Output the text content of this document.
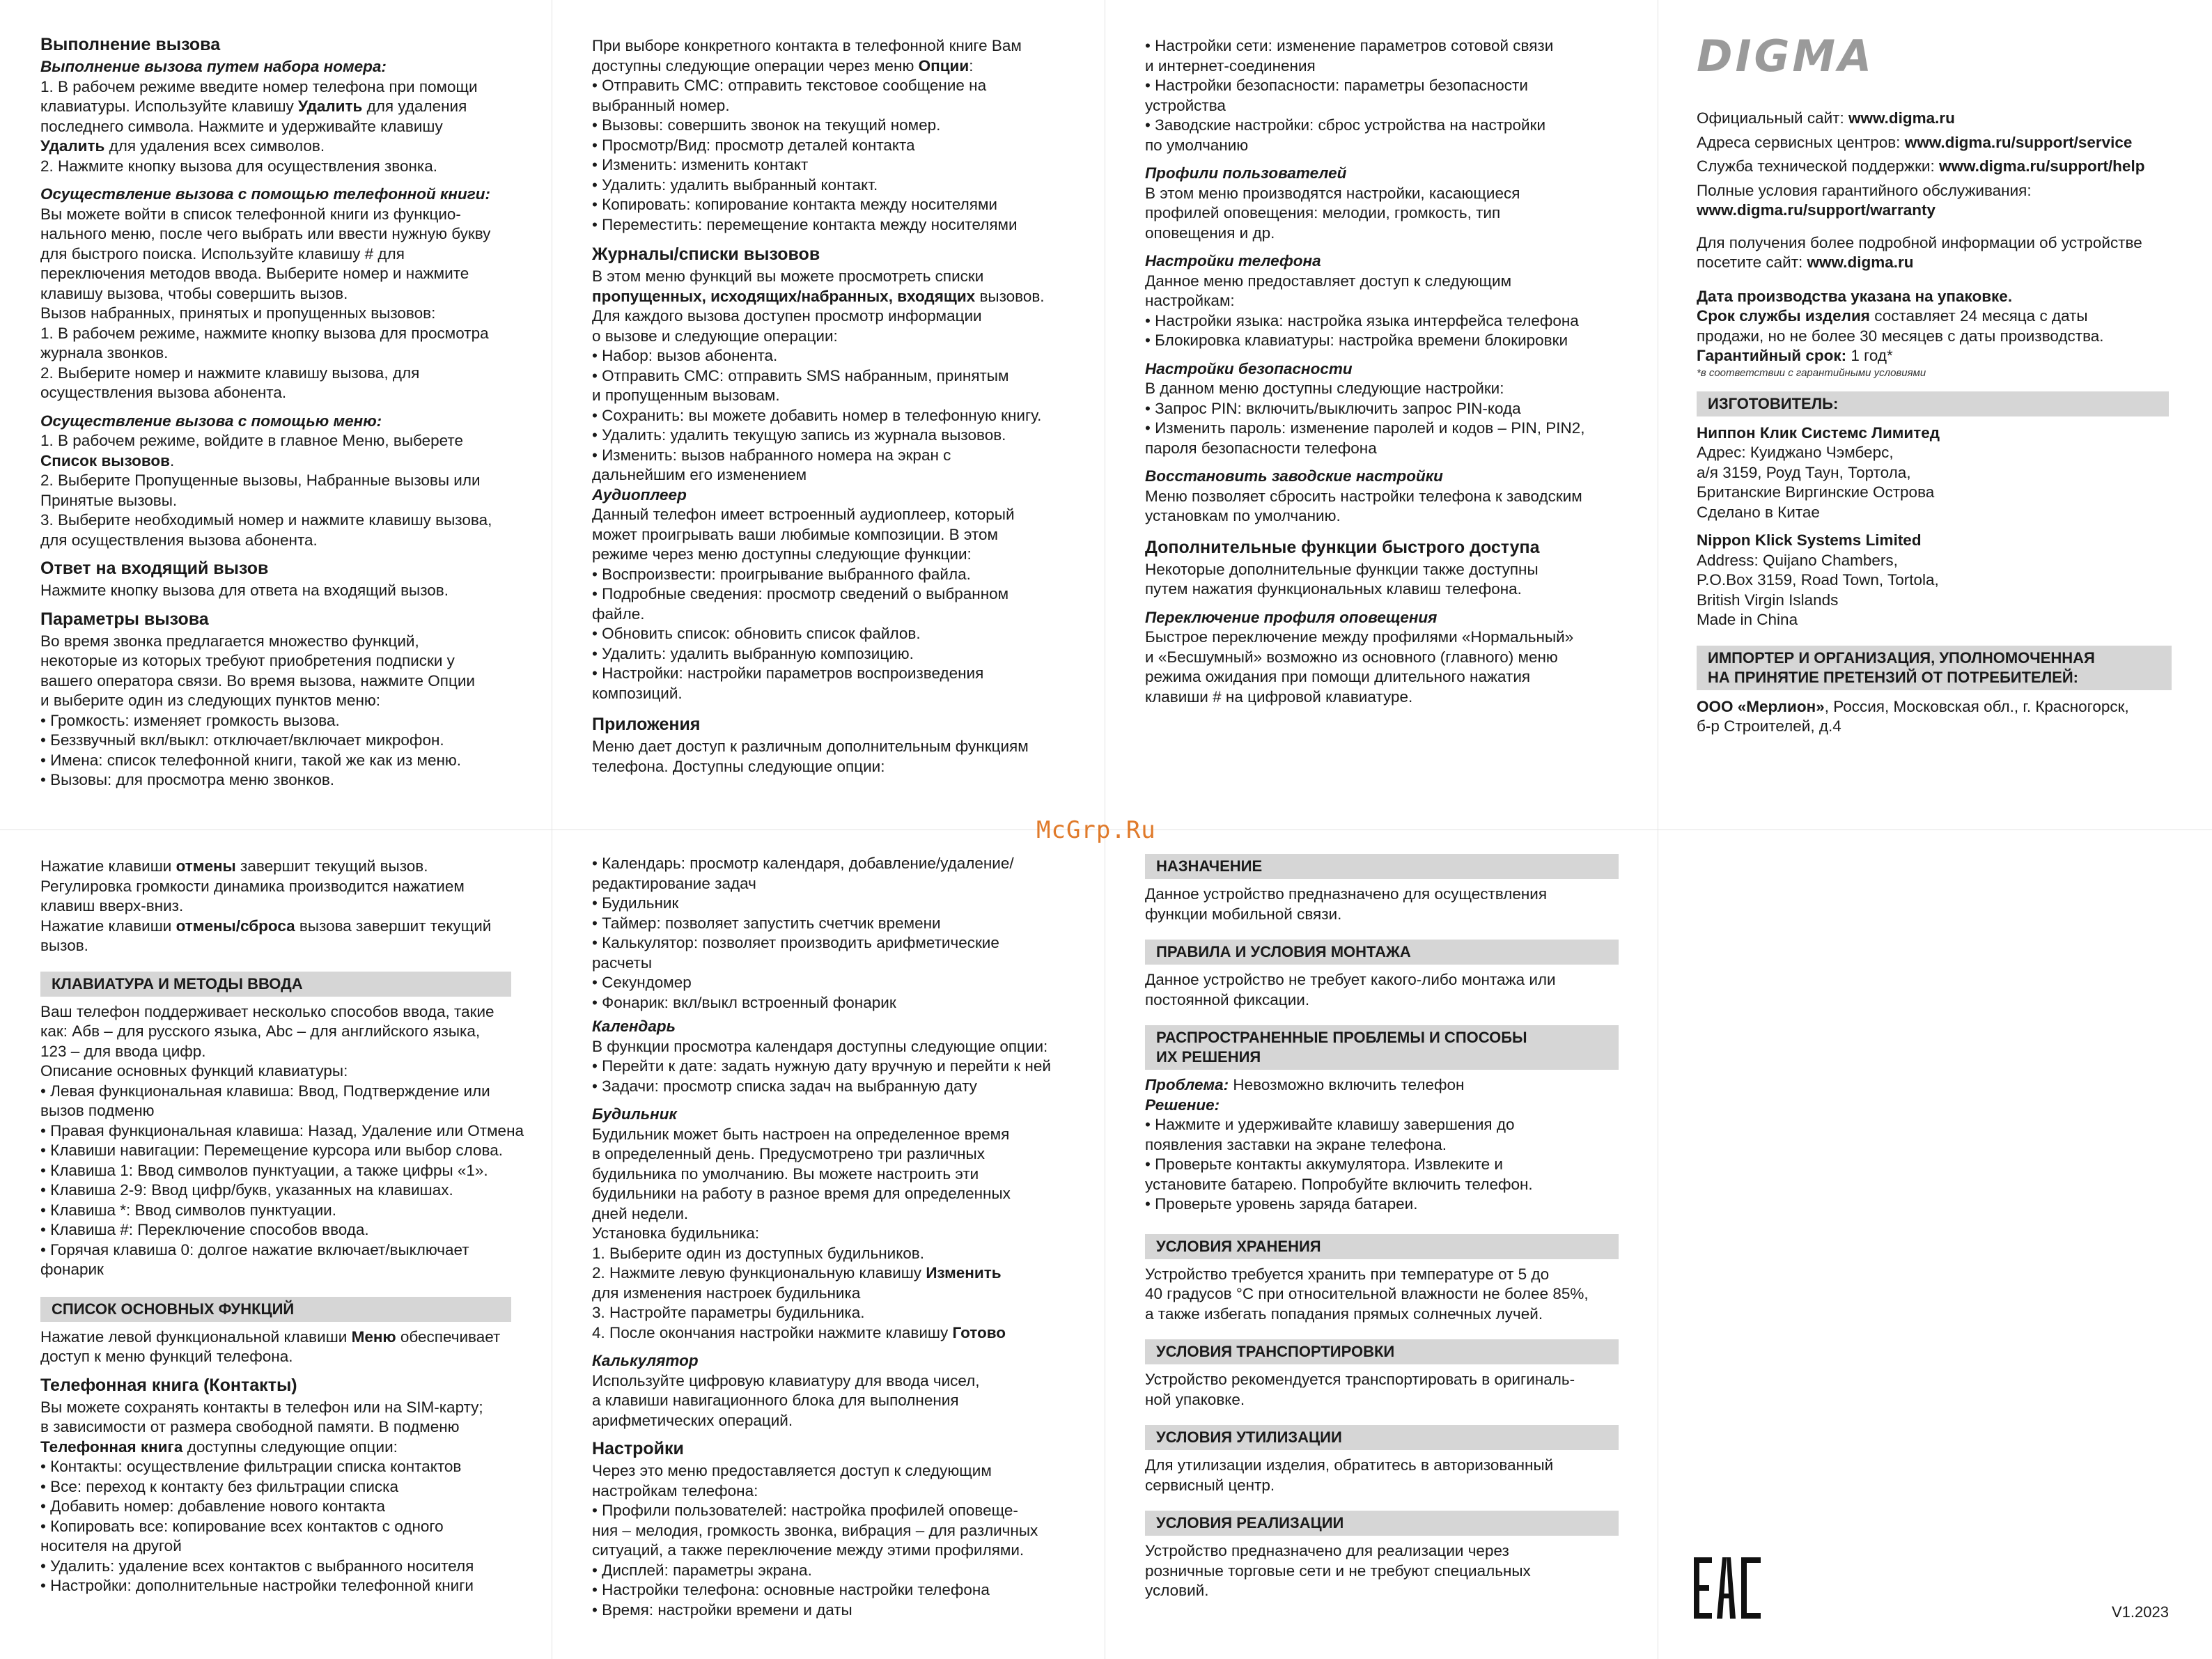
Выполнение вызова
Выполнение вызова путем набора номера:

1. В рабочем режиме введите номер телефона при помощи

клавиатуры. Используйте клавишу Удалить для удаления

последнего символа. Нажмите и удерживайте клавишу

Удалить для удаления всех символов.

2. Нажмите кнопку вызова для осуществления звонка.

Осуществление вызова с помощью телефонной книги:

Вы можете войти в список телефонной книги из функцио-

нального меню, после чего выбрать или ввести нужную букву

для быстрого поиска. Используйте клавишу # для

переключения методов ввода. Выберите номер и нажмите

клавишу вызова, чтобы совершить вызов.

Вызов набранных, принятых и пропущенных вызовов:

1. В рабочем режиме, нажмите кнопку вызова для просмотра

журнала звонков.

2. Выберите номер и нажмите клавишу вызова, для

осуществления вызова абонента.

Осуществление вызова с помощью меню:

1. В рабочем режиме, войдите в главное Меню, выберете

Список вызовов.

2. Выберите Пропущенные вызовы, Набранные вызовы или

Принятые вызовы.

3. Выберите необходимый номер и нажмите клавишу вызова,

для осуществления вызова абонента.

Ответ на входящий вызов

Нажмите кнопку вызова для ответа на входящий вызов.

Параметры вызова

Во время звонка предлагается множество функций,

некоторые из которых требуют приобретения подписки у

вашего оператора связи. Во время вызова, нажмите Опции

и выберите один из следующих пунктов меню:

• Громкость: изменяет громкость вызова.

• Беззвучный вкл/выкл: отключает/включает микрофон.

• Имена: список телефонной книги, такой же как из меню.

• Вызовы: для просмотра меню звонков.

При выборе конкретного контакта в телефонной книге Вам

доступны следующие операции через меню Опции:

• Отправить СМС: отправить текстовое сообщение на

выбранный номер.

• Вызовы: совершить звонок на текущий номер.

• Просмотр/Вид: просмотр деталей контакта

• Изменить: изменить контакт

• Удалить: удалить выбранный контакт.

• Копировать: копирование контакта между носителями

• Переместить: перемещение контакта между носителями

Журналы/списки вызовов

В этом меню функций вы можете просмотреть списки

пропущенных, исходящих/набранных, входящих вызовов.

Для каждого вызова доступен просмотр информации

о вызове и следующие операции:

• Набор: вызов абонента.

• Отправить СМС: отправить SMS набранным, принятым

и пропущенным вызовам.

• Сохранить: вы можете добавить номер в телефонную книгу.

• Удалить: удалить текущую запись из журнала вызовов.

• Изменить: вызов набранного номера на экран с

дальнейшим его изменением

Аудиоплеер

Данный телефон имеет встроенный аудиоплеер, который

может проигрывать ваши любимые композиции. В этом

режиме через меню доступны следующие функции:

• Воспроизвести: проигрывание выбранного файла.

• Подробные сведения: просмотр сведений о выбранном

файле.

• Обновить список: обновить список файлов.

• Удалить: удалить выбранную композицию.

• Настройки: настройки параметров воспроизведения

композиций.

Приложения

Меню дает доступ к различным дополнительным функциям

телефона. Доступны следующие опции:

• Настройки сети: изменение параметров сотовой связи

и интернет-соединения

• Настройки безопасности: параметры безопасности

устройства

• Заводские настройки: сброс устройства на настройки

по умолчанию

Профили пользователей

В этом меню производятся настройки, касающиеся

профилей оповещения: мелодии, громкость, тип

оповещения и др.

Настройки телефона

Данное меню предоставляет доступ к следующим

настройкам:

• Настройки языка: настройка языка интерфейса телефона

• Блокировка клавиатуры: настройка времени блокировки

Настройки безопасности

В данном меню доступны следующие настройки:

• Запрос PIN: включить/выключить запрос PIN-кода

• Изменить пароль: изменение паролей и кодов – PIN, PIN2,

пароля безопасности телефона

Восстановить заводские настройки

Меню позволяет сбросить настройки телефона к заводским

установкам по умолчанию.

Дополнительные функции быстрого доступа

Некоторые дополнительные функции также доступны

путем нажатия функциональных клавиш телефона.

Переключение профиля оповещения

Быстрое переключение между профилями «Нормальный»

и «Бесшумный» возможно из основного (главного) меню

режима ожидания при помощи длительного нажатия

клавиши # на цифровой клавиатуре.

DIGMA

Официальный сайт: www.digma.ru

Адреса сервисных центров: www.digma.ru/support/service

Служба технической поддержки: www.digma.ru/support/help

Полные условия гарантийного обслуживания:

www.digma.ru/support/warranty

Для получения более подробной информации об устройстве

посетите сайт: www.digma.ru

Дата производства указана на упаковке.

Срок службы изделия составляет 24 месяца с даты

продажи, но не более 30 месяцев с даты производства.

Гарантийный срок: 1 год*

*в соответствии с гарантийными условиями

ИЗГОТОВИТЕЛЬ:

Ниппон Клик Системс Лимитед

Адрес: Куиджано Чэмберс,

а/я 3159, Роуд Таун, Тортола,

Британские Виргинские Острова

Сделано в Китае

Nippon Klick Systems Limited

Address: Quijano Chambers,

P.O.Box 3159, Road Town, Tortola,

British Virgin Islands

Made in China

ИМПОРТЕР И ОРГАНИЗАЦИЯ, УПОЛНОМОЧЕННАЯ
НА ПРИНЯТИЕ ПРЕТЕНЗИЙ ОТ ПОТРЕБИТЕЛЕЙ:

ООО «Мерлион», Россия, Московская обл., г. Красногорск,

б-р Строителей, д.4

McGrp.Ru

Нажатие клавиши отмены завершит текущий вызов.

Регулировка громкости динамика производится нажатием

клавиш вверх-вниз.

Нажатие клавиши отмены/сброса вызова завершит текущий

вызов.

КЛАВИАТУРА И МЕТОДЫ ВВОДА

Ваш телефон поддерживает несколько способов ввода, такие

как: Абв – для русского языка, Abc – для английского языка,

123 – для ввода цифр.

Описание основных функций клавиатуры:

• Левая функциональная клавиша: Ввод, Подтверждение или

вызов подменю

• Правая функциональная клавиша: Назад, Удаление или Отмена

• Клавиши навигации: Перемещение курсора или выбор слова.

• Клавиша 1: Ввод символов пунктуации, а также цифры «1».

• Клавиша 2-9: Ввод цифр/букв, указанных на клавишах.

• Клавиша *: Ввод символов пунктуации.

• Клавиша #: Переключение способов ввода.

• Горячая клавиша 0: долгое нажатие включает/выключает

фонарик

СПИСОК ОСНОВНЫХ ФУНКЦИЙ

Нажатие левой функциональной клавиши Меню обеспечивает

доступ к меню функций телефона.

Телефонная книга (Контакты)

Вы можете сохранять контакты в телефон или на SIM-карту;

в зависимости от размера свободной памяти. В подменю

Телефонная книга доступны следующие опции:

• Контакты: осуществление фильтрации списка контактов

• Все: переход к контакту без фильтрации списка

• Добавить номер: добавление нового контакта

• Копировать все: копирование всех контактов с одного

носителя на другой

• Удалить: удаление всех контактов с выбранного носителя

• Настройки: дополнительные настройки телефонной книги

• Календарь: просмотр календаря, добавление/удаление/

редактирование задач

• Будильник

• Таймер: позволяет запустить счетчик времени

• Калькулятор: позволяет производить арифметические

расчеты

• Секундомер

• Фонарик: вкл/выкл встроенный фонарик

Календарь

В функции просмотра календаря доступны следующие опции:

• Перейти к дате: задать нужную дату вручную и перейти к ней

• Задачи: просмотр списка задач на выбранную дату

Будильник

Будильник может быть настроен на определенное время

в определенный день. Предусмотрено три различных

будильника по умолчанию. Вы можете настроить эти

будильники на работу в разное время для определенных

дней недели.

Установка будильника:

1. Выберите один из доступных будильников.

2. Нажмите левую функциональную клавишу Изменить

для изменения настроек будильника

3. Настройте параметры будильника.

4. После окончания настройки нажмите клавишу Готово

Калькулятор

Используйте цифровую клавиатуру для ввода чисел,

а клавиши навигационного блока для выполнения

арифметических операций.

Настройки

Через это меню предоставляется доступ к следующим

настройкам телефона:

• Профили пользователей: настройка профилей оповеще-

ния – мелодия, громкость звонка, вибрация – для различных

ситуаций, а также переключение между этими профилями.

• Дисплей: параметры экрана.

• Настройки телефона: основные настройки телефона

• Время: настройки времени и даты

НАЗНАЧЕНИЕ

Данное устройство предназначено для осуществления

функции мобильной связи.

ПРАВИЛА И УСЛОВИЯ МОНТАЖА

Данное устройство не требует какого-либо монтажа или

постоянной фиксации.

РАСПРОСТРАНЕННЫЕ ПРОБЛЕМЫ И СПОСОБЫ
ИХ РЕШЕНИЯ

Проблема: Невозможно включить телефон

Решение:

• Нажмите и удерживайте клавишу завершения до

появления заставки на экране телефона.

• Проверьте контакты аккумулятора. Извлеките и

установите батарею. Попробуйте включить телефон.

• Проверьте уровень заряда батареи.

УСЛОВИЯ ХРАНЕНИЯ

Устройство требуется хранить при температуре от 5 до

40 градусов °С при относительной влажности не более 85%,

а также избегать попадания прямых солнечных лучей.

УСЛОВИЯ ТРАНСПОРТИРОВКИ

Устройство рекомендуется транспортировать в оригиналь-

ной упаковке.

УСЛОВИЯ УТИЛИЗАЦИИ

Для утилизации изделия, обратитесь в авторизованный

сервисный центр.

УСЛОВИЯ РЕАЛИЗАЦИИ

Устройство предназначено для реализации через

розничные торговые сети и не требуют специальных

условий.

V1.2023
